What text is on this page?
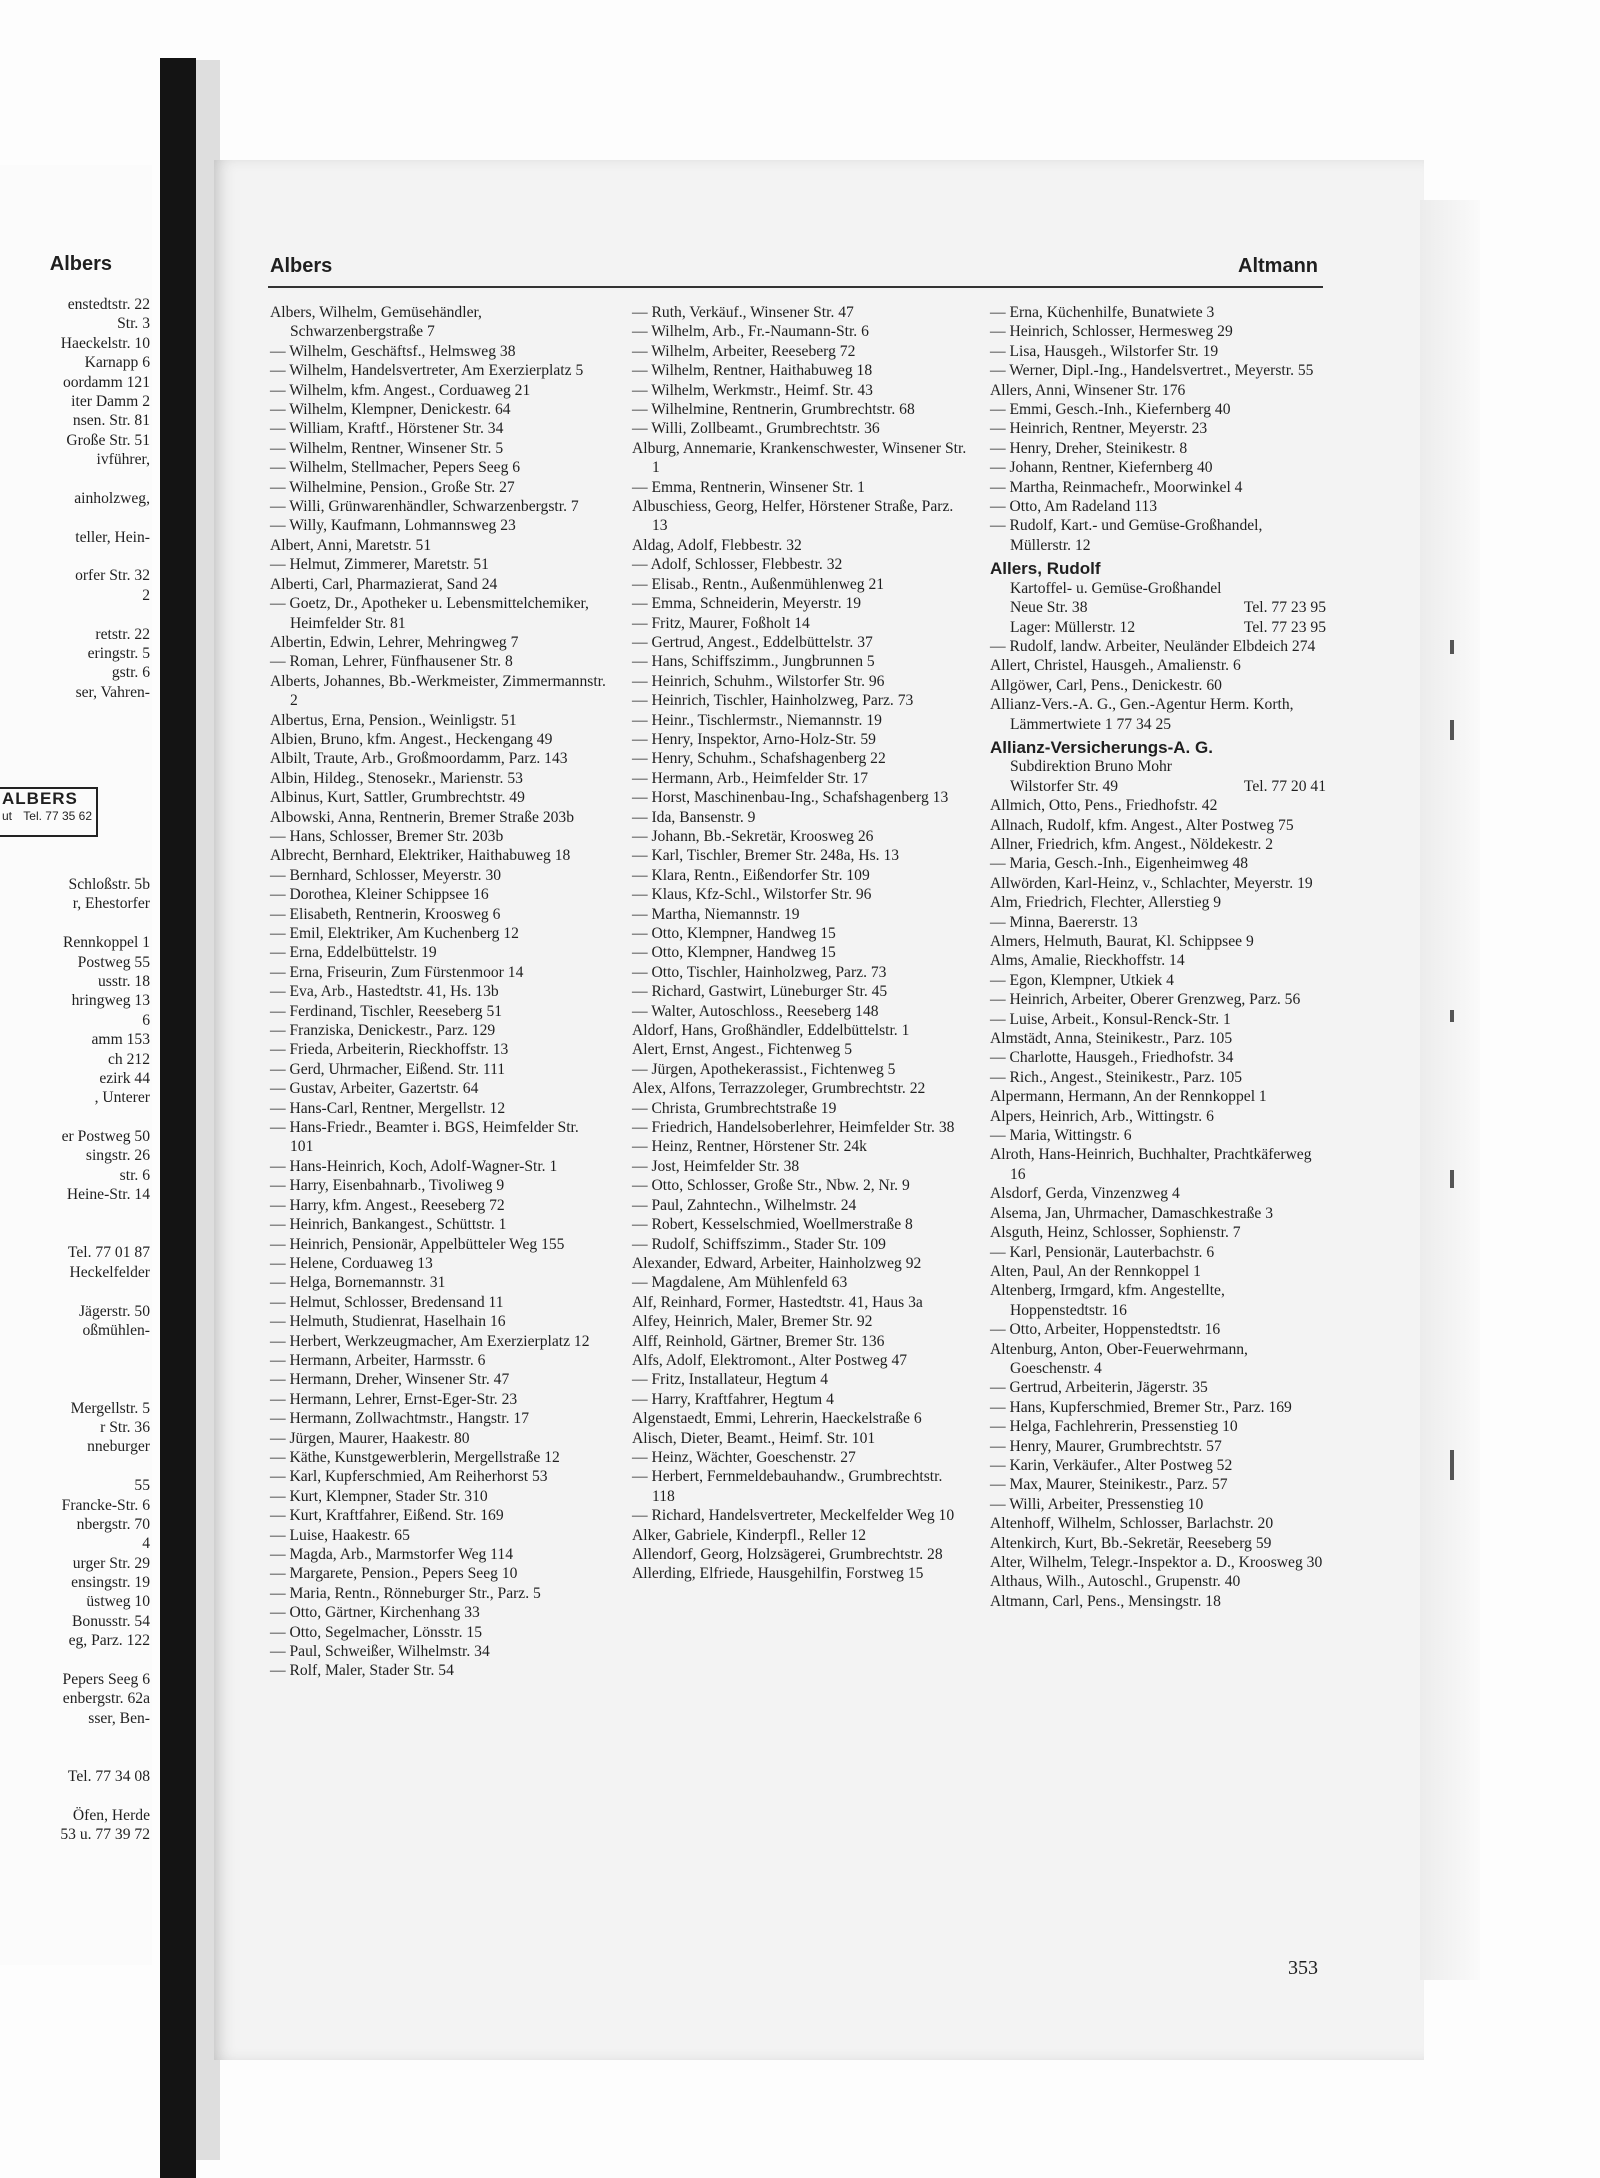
Albers
enstedtstr. 22
Str. 3
Haeckelstr. 10
Karnapp 6
oordamm 121
iter Damm 2
nsen. Str. 81
Große Str. 51
ivführer,
ainholzweg,
teller, Hein-
orfer Str. 32
2
retstr. 22
eringstr. 5
gstr. 6
ser, Vahren-
ALBERS
ut Tel. 77 35 62
Schloßstr. 5b
r, Ehestorfer
Rennkoppel 1
Postweg 55
usstr. 18
hringweg 13
6
amm 153
ch 212
ezirk 44
, Unterer
er Postweg 50
singstr. 26
str. 6
Heine-Str. 14
Tel. 77 01 87
Heckelfelder
Jägerstr. 50
oßmühlen-
Mergellstr. 5
r Str. 36
nneburger
55
Francke-Str. 6
nbergstr. 70
4
urger Str. 29
ensingstr. 19
üstweg 10
Bonusstr. 54
eg, Parz. 122
Pepers Seeg 6
enbergstr. 62a
sser, Ben-
Tel. 77 34 08
Öfen, Herde
53 u. 77 39 72
Albers	Altmann
Albers, Wilhelm, Gemüsehändler, Schwarzenbergstraße 7
— Wilhelm, Geschäftsf., Helmsweg 38
— Wilhelm, Handelsvertreter, Am Exerzierplatz 5
— Wilhelm, kfm. Angest., Corduaweg 21
— Wilhelm, Klempner, Denickestr. 64
— William, Kraftf., Hörstener Str. 34
— Wilhelm, Rentner, Winsener Str. 5
— Wilhelm, Stellmacher, Pepers Seeg 6
— Wilhelmine, Pension., Große Str. 27
— Willi, Grünwarenhändler, Schwarzenbergstr. 7
— Willy, Kaufmann, Lohmannsweg 23
Albert, Anni, Maretstr. 51
— Helmut, Zimmerer, Maretstr. 51
Alberti, Carl, Pharmazierat, Sand 24
— Goetz, Dr., Apotheker u. Lebensmittelchemiker, Heimfelder Str. 81
Albertin, Edwin, Lehrer, Mehringweg 7
— Roman, Lehrer, Fünfhausener Str. 8
Alberts, Johannes, Bb.-Werkmeister, Zimmermannstr. 2
Albertus, Erna, Pension., Weinligstr. 51
Albien, Bruno, kfm. Angest., Heckengang 49
Albilt, Traute, Arb., Großmoordamm, Parz. 143
Albin, Hildeg., Stenosekr., Marienstr. 53
Albinus, Kurt, Sattler, Grumbrechtstr. 49
Albowski, Anna, Rentnerin, Bremer Straße 203b
— Hans, Schlosser, Bremer Str. 203b
Albrecht, Bernhard, Elektriker, Haithabuweg 18
— Bernhard, Schlosser, Meyerstr. 30
— Dorothea, Kleiner Schippsee 16
— Elisabeth, Rentnerin, Kroosweg 6
— Emil, Elektriker, Am Kuchenberg 12
— Erna, Eddelbüttelstr. 19
— Erna, Friseurin, Zum Fürstenmoor 14
— Eva, Arb., Hastedtstr. 41, Hs. 13b
— Ferdinand, Tischler, Reeseberg 51
— Franziska, Denickestr., Parz. 129
— Frieda, Arbeiterin, Rieckhoffstr. 13
— Gerd, Uhrmacher, Eißend. Str. 111
— Gustav, Arbeiter, Gazertstr. 64
— Hans-Carl, Rentner, Mergellstr. 12
— Hans-Friedr., Beamter i. BGS, Heimfelder Str. 101
— Hans-Heinrich, Koch, Adolf-Wagner-Str. 1
— Harry, Eisenbahnarb., Tivoliweg 9
— Harry, kfm. Angest., Reeseberg 72
— Heinrich, Bankangest., Schüttstr. 1
— Heinrich, Pensionär, Appelbütteler Weg 155
— Helene, Corduaweg 13
— Helga, Bornemannstr. 31
— Helmut, Schlosser, Bredensand 11
— Helmuth, Studienrat, Haselhain 16
— Herbert, Werkzeugmacher, Am Exerzierplatz 12
— Hermann, Arbeiter, Harmsstr. 6
— Hermann, Dreher, Winsener Str. 47
— Hermann, Lehrer, Ernst-Eger-Str. 23
— Hermann, Zollwachtmstr., Hangstr. 17
— Jürgen, Maurer, Haakestr. 80
— Käthe, Kunstgewerblerin, Mergellstraße 12
— Karl, Kupferschmied, Am Reiherhorst 53
— Kurt, Klempner, Stader Str. 310
— Kurt, Kraftfahrer, Eißend. Str. 169
— Luise, Haakestr. 65
— Magda, Arb., Marmstorfer Weg 114
— Margarete, Pension., Pepers Seeg 10
— Maria, Rentn., Rönneburger Str., Parz. 5
— Otto, Gärtner, Kirchenhang 33
— Otto, Segelmacher, Lönsstr. 15
— Paul, Schweißer, Wilhelmstr. 34
— Rolf, Maler, Stader Str. 54
— Ruth, Verkäuf., Winsener Str. 47
— Wilhelm, Arb., Fr.-Naumann-Str. 6
— Wilhelm, Arbeiter, Reeseberg 72
— Wilhelm, Rentner, Haithabuweg 18
— Wilhelm, Werkmstr., Heimf. Str. 43
— Wilhelmine, Rentnerin, Grumbrechtstr. 68
— Willi, Zollbeamt., Grumbrechtstr. 36
Alburg, Annemarie, Krankenschwester, Winsener Str. 1
— Emma, Rentnerin, Winsener Str. 1
Albuschiess, Georg, Helfer, Hörstener Straße, Parz. 13
Aldag, Adolf, Flebbestr. 32
— Adolf, Schlosser, Flebbestr. 32
— Elisab., Rentn., Außenmühlenweg 21
— Emma, Schneiderin, Meyerstr. 19
— Fritz, Maurer, Foßholt 14
— Gertrud, Angest., Eddelbüttelstr. 37
— Hans, Schiffszimm., Jungbrunnen 5
— Heinrich, Schuhm., Wilstorfer Str. 96
— Heinrich, Tischler, Hainholzweg, Parz. 73
— Heinr., Tischlermstr., Niemannstr. 19
— Henry, Inspektor, Arno-Holz-Str. 59
— Henry, Schuhm., Schafshagenberg 22
— Hermann, Arb., Heimfelder Str. 17
— Horst, Maschinenbau-Ing., Schafshagenberg 13
— Ida, Bansenstr. 9
— Johann, Bb.-Sekretär, Kroosweg 26
— Karl, Tischler, Bremer Str. 248a, Hs. 13
— Klara, Rentn., Eißendorfer Str. 109
— Klaus, Kfz-Schl., Wilstorfer Str. 96
— Martha, Niemannstr. 19
— Otto, Klempner, Handweg 15
— Otto, Klempner, Handweg 15
— Otto, Tischler, Hainholzweg, Parz. 73
— Richard, Gastwirt, Lüneburger Str. 45
— Walter, Autoschloss., Reeseberg 148
Aldorf, Hans, Großhändler, Eddelbüttelstr. 1
Alert, Ernst, Angest., Fichtenweg 5
— Jürgen, Apothekerassist., Fichtenweg 5
Alex, Alfons, Terrazzoleger, Grumbrechtstr. 22
— Christa, Grumbrechtstraße 19
— Friedrich, Handelsoberlehrer, Heimfelder Str. 38
— Heinz, Rentner, Hörstener Str. 24k
— Jost, Heimfelder Str. 38
— Otto, Schlosser, Große Str., Nbw. 2, Nr. 9
— Paul, Zahntechn., Wilhelmstr. 24
— Robert, Kesselschmied, Woellmerstraße 8
— Rudolf, Schiffszimm., Stader Str. 109
Alexander, Edward, Arbeiter, Hainholzweg 92
— Magdalene, Am Mühlenfeld 63
Alf, Reinhard, Former, Hastedtstr. 41, Haus 3a
Alfey, Heinrich, Maler, Bremer Str. 92
Alff, Reinhold, Gärtner, Bremer Str. 136
Alfs, Adolf, Elektromont., Alter Postweg 47
— Fritz, Installateur, Hegtum 4
— Harry, Kraftfahrer, Hegtum 4
Algenstaedt, Emmi, Lehrerin, Haeckelstraße 6
Alisch, Dieter, Beamt., Heimf. Str. 101
— Heinz, Wächter, Goeschenstr. 27
— Herbert, Fernmeldebauhandw., Grumbrechtstr. 118
— Richard, Handelsvertreter, Meckelfelder Weg 10
Alker, Gabriele, Kinderpfl., Reller 12
Allendorf, Georg, Holzsägerei, Grumbrechtstr. 28
Allerding, Elfriede, Hausgehilfin, Forstweg 15
— Erna, Küchenhilfe, Bunatwiete 3
— Heinrich, Schlosser, Hermesweg 29
— Lisa, Hausgeh., Wilstorfer Str. 19
— Werner, Dipl.-Ing., Handelsvertret., Meyerstr. 55
Allers, Anni, Winsener Str. 176
— Emmi, Gesch.-Inh., Kiefernberg 40
— Heinrich, Rentner, Meyerstr. 23
— Henry, Dreher, Steinikestr. 8
— Johann, Rentner, Kiefernberg 40
— Martha, Reinmachefr., Moorwinkel 4
— Otto, Am Radeland 113
— Rudolf, Kart.- und Gemüse-Großhandel, Müllerstr. 12
Allers, Rudolf
Kartoffel- u. Gemüse-Großhandel
Neue Str. 38	Tel. 77 23 95
Lager: Müllerstr. 12	Tel. 77 23 95
— Rudolf, landw. Arbeiter, Neuländer Elbdeich 274
Allert, Christel, Hausgeh., Amalienstr. 6
Allgöwer, Carl, Pens., Denickestr. 60
Allianz-Vers.-A. G., Gen.-Agentur Herm. Korth, Lämmertwiete 1 77 34 25
Allianz-Versicherungs-A. G.
Subdirektion Bruno Mohr
Wilstorfer Str. 49	Tel. 77 20 41
Allmich, Otto, Pens., Friedhofstr. 42
Allnach, Rudolf, kfm. Angest., Alter Postweg 75
Allner, Friedrich, kfm. Angest., Nöldekestr. 2
— Maria, Gesch.-Inh., Eigenheimweg 48
Allwörden, Karl-Heinz, v., Schlachter, Meyerstr. 19
Alm, Friedrich, Flechter, Allerstieg 9
— Minna, Baererstr. 13
Almers, Helmuth, Baurat, Kl. Schippsee 9
Alms, Amalie, Rieckhoffstr. 14
— Egon, Klempner, Utkiek 4
— Heinrich, Arbeiter, Oberer Grenzweg, Parz. 56
— Luise, Arbeit., Konsul-Renck-Str. 1
Almstädt, Anna, Steinikestr., Parz. 105
— Charlotte, Hausgeh., Friedhofstr. 34
— Rich., Angest., Steinikestr., Parz. 105
Alpermann, Hermann, An der Rennkoppel 1
Alpers, Heinrich, Arb., Wittingstr. 6
— Maria, Wittingstr. 6
Alroth, Hans-Heinrich, Buchhalter, Prachtkäferweg 16
Alsdorf, Gerda, Vinzenzweg 4
Alsema, Jan, Uhrmacher, Damaschkestraße 3
Alsguth, Heinz, Schlosser, Sophienstr. 7
— Karl, Pensionär, Lauterbachstr. 6
Alten, Paul, An der Rennkoppel 1
Altenberg, Irmgard, kfm. Angestellte, Hoppenstedtstr. 16
— Otto, Arbeiter, Hoppenstedtstr. 16
Altenburg, Anton, Ober-Feuerwehrmann, Goeschenstr. 4
— Gertrud, Arbeiterin, Jägerstr. 35
— Hans, Kupferschmied, Bremer Str., Parz. 169
— Helga, Fachlehrerin, Pressenstieg 10
— Henry, Maurer, Grumbrechtstr. 57
— Karin, Verkäufer., Alter Postweg 52
— Max, Maurer, Steinikestr., Parz. 57
— Willi, Arbeiter, Pressenstieg 10
Altenhoff, Wilhelm, Schlosser, Barlachstr. 20
Altenkirch, Kurt, Bb.-Sekretär, Reeseberg 59
Alter, Wilhelm, Telegr.-Inspektor a. D., Kroosweg 30
Althaus, Wilh., Autoschl., Grupenstr. 40
Altmann, Carl, Pens., Mensingstr. 18
353
